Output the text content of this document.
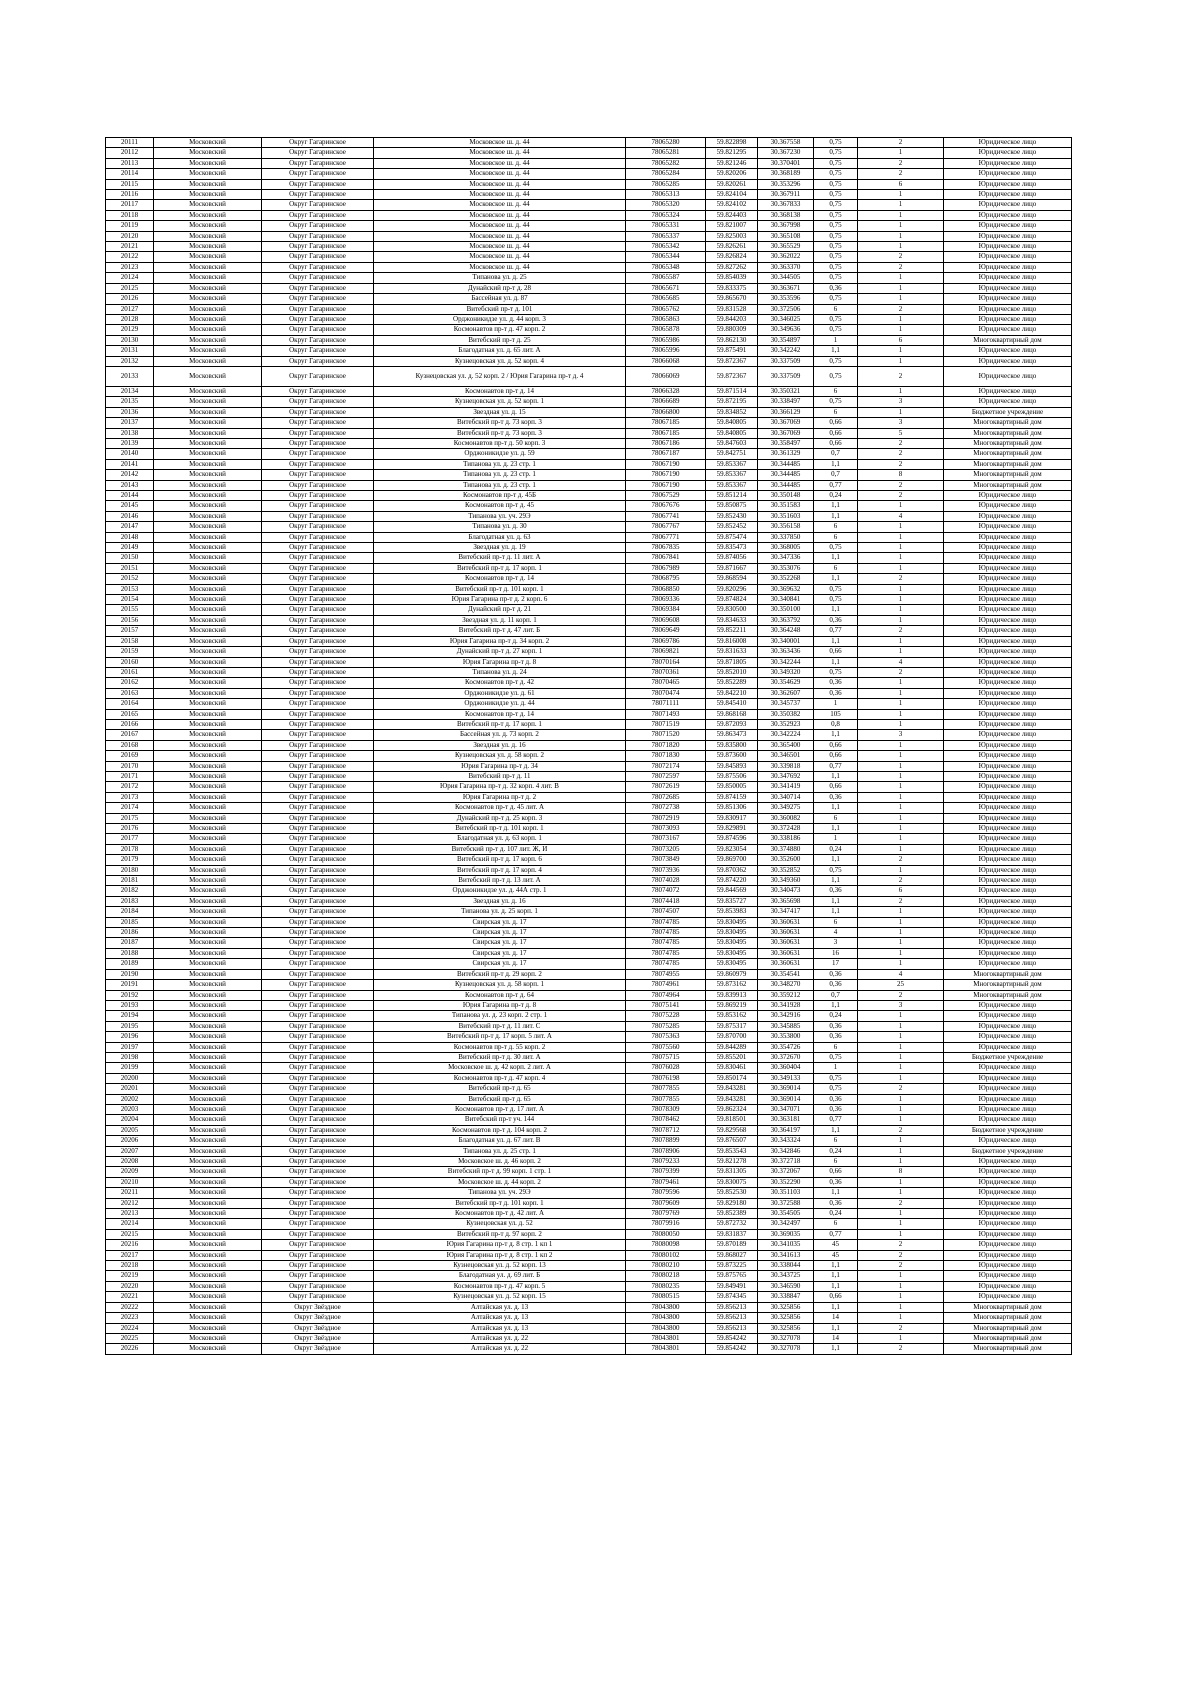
20111	Московский	Округ Гагаринское	Московское ш. д. 44	78065280	59.822898	30.367558	0,75	2	Юридическое лицо
20112	Московский	Округ Гагаринское	Московское ш. д. 44	78065281	59.821295	30.367230	0,75	1	Юридическое лицо
20113	Московский	Округ Гагаринское	Московское ш. д. 44	78065282	59.821246	30.370401	0,75	2	Юридическое лицо
20114	Московский	Округ Гагаринское	Московское ш. д. 44	78065284	59.820206	30.368189	0,75	2	Юридическое лицо
20115	Московский	Округ Гагаринское	Московское ш. д. 44	78065285	59.820261	30.353296	0,75	6	Юридическое лицо
20116	Московский	Округ Гагаринское	Московское ш. д. 44	78065313	59.824104	30.367911	0,75	1	Юридическое лицо
20117	Московский	Округ Гагаринское	Московское ш. д. 44	78065320	59.824102	30.367833	0,75	1	Юридическое лицо
20118	Московский	Округ Гагаринское	Московское ш. д. 44	78065324	59.824403	30.368138	0,75	1	Юридическое лицо
20119	Московский	Округ Гагаринское	Московское ш. д. 44	78065331	59.821007	30.367998	0,75	1	Юридическое лицо
20120	Московский	Округ Гагаринское	Московское ш. д. 44	78065337	59.825003	30.365108	0,75	1	Юридическое лицо
20121	Московский	Округ Гагаринское	Московское ш. д. 44	78065342	59.826261	30.365529	0,75	1	Юридическое лицо
20122	Московский	Округ Гагаринское	Московское ш. д. 44	78065344	59.826824	30.362022	0,75	2	Юридическое лицо
20123	Московский	Округ Гагаринское	Московское ш. д. 44	78065348	59.827262	30.363370	0,75	2	Юридическое лицо
20124	Московский	Округ Гагаринское	Типанова ул. д. 25	78065587	59.854039	30.344505	0,75	1	Юридическое лицо
20125	Московский	Округ Гагаринское	Дунайский пр-т д. 28	78065671	59.833375	30.363671	0,36	1	Юридическое лицо
20126	Московский	Округ Гагаринское	Бассейная ул. д. 87	78065685	59.865670	30.353596	0,75	1	Юридическое лицо
20127	Московский	Округ Гагаринское	Витебский пр-т д. 101	78065762	59.831528	30.372506	6	2	Юридическое лицо
20128	Московский	Округ Гагаринское	Орджоникидзе ул. д. 44 корп. 3	78065863	59.844203	30.346025	0,75	1	Юридическое лицо
20129	Московский	Округ Гагаринское	Космонавтов пр-т д. 47 корп. 2	78065878	59.880309	30.349636	0,75	1	Юридическое лицо
20130	Московский	Округ Гагаринское	Витебский пр-т д. 25	78065986	59.862130	30.354897	1	6	Многоквартирный дом
20131	Московский	Округ Гагаринское	Благодатная ул. д. 65 лит. А	78065996	59.875491	30.342242	1,1	1	Юридическое лицо
20132	Московский	Округ Гагаринское	Кузнецовская ул. д. 52 корп. 4	78066068	59.872367	30.337509	0,75	1	Юридическое лицо
20133	Московский	Округ Гагаринское	Кузнецовская ул. д. 52 корп. 2 / Юрия Гагарина пр-т д. 4	78066069	59.872367	30.337509	0,75	2	Юридическое лицо
20134	Московский	Округ Гагаринское	Космонавтов пр-т д. 14	78066328	59.871514	30.350321	6	1	Юридическое лицо
20135	Московский	Округ Гагаринское	Кузнецовская ул. д. 52 корп. 1	78066689	59.872195	30.338497	0,75	3	Юридическое лицо
20136	Московский	Округ Гагаринское	Звездная ул. д. 15	78066800	59.834852	30.366129	6	1	Бюджетное учреждение
20137	Московский	Округ Гагаринское	Витебский пр-т д. 73 корп. 3	78067185	59.840805	30.367069	0,66	3	Многоквартирный дом
20138	Московский	Округ Гагаринское	Витебский пр-т д. 73 корп. 3	78067185	59.840805	30.367069	0,66	5	Многоквартирный дом
20139	Московский	Округ Гагаринское	Космонавтов пр-т д. 50 корп. 3	78067186	59.847603	30.358497	0,66	2	Многоквартирный дом
20140	Московский	Округ Гагаринское	Орджоникидзе ул. д. 59	78067187	59.842751	30.361329	0,7	2	Многоквартирный дом
20141	Московский	Округ Гагаринское	Типанова ул. д. 23 стр. 1	78067190	59.853367	30.344485	1,1	2	Многоквартирный дом
20142	Московский	Округ Гагаринское	Типанова ул. д. 23 стр. 1	78067190	59.853367	30.344485	0,7	8	Многоквартирный дом
20143	Московский	Округ Гагаринское	Типанова ул. д. 23 стр. 1	78067190	59.853367	30.344485	0,77	2	Многоквартирный дом
20144	Московский	Округ Гагаринское	Космонавтов пр-т д. 45Б	78067529	59.851214	30.350148	0,24	2	Юридическое лицо
20145	Московский	Округ Гагаринское	Космонавтов пр-т д. 45	78067676	59.850875	30.351583	1,1	1	Юридическое лицо
20146	Московский	Округ Гагаринское	Типанова ул. уч. 29Э	78067741	59.852430	30.351603	1,1	4	Юридическое лицо
20147	Московский	Округ Гагаринское	Типанова ул. д. 30	78067767	59.852452	30.356158	6	1	Юридическое лицо
20148	Московский	Округ Гагаринское	Благодатная ул. д. 63	78067771	59.875474	30.337850	6	1	Юридическое лицо
20149	Московский	Округ Гагаринское	Звездная ул. д. 19	78067835	59.835473	30.368005	0,75	1	Юридическое лицо
20150	Московский	Округ Гагаринское	Витебский пр-т д. 11 лит. А	78067841	59.874056	30.347336	1,1	1	Юридическое лицо
20151	Московский	Округ Гагаринское	Витебский пр-т д. 17 корп. 1	78067989	59.871667	30.353076	6	1	Юридическое лицо
20152	Московский	Округ Гагаринское	Космонавтов пр-т д. 14	78068795	59.868594	30.352268	1,1	2	Юридическое лицо
20153	Московский	Округ Гагаринское	Витебский пр-т д. 101 корп. 1	78068850	59.820296	30.369632	0,75	1	Юридическое лицо
20154	Московский	Округ Гагаринское	Юрия Гагарина пр-т д. 2 корп. 6	78069336	59.874824	30.340841	0,75	1	Юридическое лицо
20155	Московский	Округ Гагаринское	Дунайский пр-т д. 21	78069384	59.830500	30.350100	1,1	1	Юридическое лицо
20156	Московский	Округ Гагаринское	Звездная ул. д. 11 корп. 1	78069608	59.834633	30.363792	0,36	1	Юридическое лицо
20157	Московский	Округ Гагаринское	Витебский пр-т д. 47 лит. Б	78069649	59.852211	30.364248	0,77	2	Юридическое лицо
20158	Московский	Округ Гагаринское	Юрия Гагарина пр-т д. 34 корп. 2	78069786	59.816008	30.340001	1,1	1	Юридическое лицо
20159	Московский	Округ Гагаринское	Дунайский пр-т д. 27 корп. 1	78069821	59.831633	30.363436	0,66	1	Юридическое лицо
20160	Московский	Округ Гагаринское	Юрия Гагарина пр-т д. 8	78070164	59.871805	30.342244	1,1	4	Юридическое лицо
20161	Московский	Округ Гагаринское	Типанова ул. д. 24	78070361	59.852010	30.349320	0,75	2	Юридическое лицо
20162	Московский	Округ Гагаринское	Космонавтов пр-т д. 42	78070465	59.852289	30.354629	0,36	1	Юридическое лицо
20163	Московский	Округ Гагаринское	Орджоникидзе ул. д. 61	78070474	59.842210	30.362607	0,36	1	Юридическое лицо
20164	Московский	Округ Гагаринское	Орджоникидзе ул. д. 44	78071111	59.845410	30.345737	1	1	Юридическое лицо
20165	Московский	Округ Гагаринское	Космонавтов пр-т д. 14	78071493	59.868168	30.350382	105	1	Юридическое лицо
20166	Московский	Округ Гагаринское	Витебский пр-т д. 17 корп. 1	78071519	59.872093	30.352923	0,8	1	Юридическое лицо
20167	Московский	Округ Гагаринское	Бассейная ул. д. 73 корп. 2	78071520	59.863473	30.342224	1,1	3	Юридическое лицо
20168	Московский	Округ Гагаринское	Звездная ул. д. 16	78071820	59.835800	30.365400	0,66	1	Юридическое лицо
20169	Московский	Округ Гагаринское	Кузнецовская ул. д. 58 корп. 2	78071830	59.873600	30.346501	0,66	1	Юридическое лицо
20170	Московский	Округ Гагаринское	Юрия Гагарина пр-т д. 34	78072174	59.845893	30.339818	0,77	1	Юридическое лицо
20171	Московский	Округ Гагаринское	Витебский пр-т д. 11	78072597	59.875506	30.347692	1,1	1	Юридическое лицо
20172	Московский	Округ Гагаринское	Юрия Гагарина пр-т д. 32 корп. 4 лит. В	78072619	59.850005	30.341419	0,66	1	Юридическое лицо
20173	Московский	Округ Гагаринское	Юрия Гагарина пр-т д. 2	78072685	59.874159	30.340714	0,36	1	Юридическое лицо
20174	Московский	Округ Гагаринское	Космонавтов пр-т д. 45 лит. А	78072738	59.851306	30.349275	1,1	1	Юридическое лицо
20175	Московский	Округ Гагаринское	Дунайский пр-т д. 25 корп. 3	78072919	59.830917	30.360082	6	1	Юридическое лицо
20176	Московский	Округ Гагаринское	Витебский пр-т д. 101 корп. 1	78073093	59.829891	30.372428	1,1	1	Юридическое лицо
20177	Московский	Округ Гагаринское	Благодатная ул. д. 63 корп. 1	78073167	59.874596	30.338186	1	1	Юридическое лицо
20178	Московский	Округ Гагаринское	Витебский пр-т д. 107 лит. Ж, И	78073205	59.823054	30.374880	0,24	1	Юридическое лицо
20179	Московский	Округ Гагаринское	Витебский пр-т д. 17 корп. 6	78073849	59.869700	30.352600	1,1	2	Юридическое лицо
20180	Московский	Округ Гагаринское	Витебский пр-т д. 17 корп. 4	78073936	59.870362	30.352852	0,75	1	Юридическое лицо
20181	Московский	Округ Гагаринское	Витебский пр-т д. 13 лит. А	78074028	59.874220	30.349360	1,1	2	Юридическое лицо
20182	Московский	Округ Гагаринское	Орджоникидзе ул. д. 44А стр. 1	78074072	59.844569	30.340473	0,36	6	Юридическое лицо
20183	Московский	Округ Гагаринское	Звездная ул. д. 16	78074418	59.835727	30.365698	1,1	2	Юридическое лицо
20184	Московский	Округ Гагаринское	Типанова ул. д. 25 корп. 1	78074507	59.853983	30.347417	1,1	1	Юридическое лицо
20185	Московский	Округ Гагаринское	Свирская ул. д. 17	78074785	59.830495	30.360631	6	1	Юридическое лицо
20186	Московский	Округ Гагаринское	Свирская ул. д. 17	78074785	59.830495	30.360631	4	1	Юридическое лицо
20187	Московский	Округ Гагаринское	Свирская ул. д. 17	78074785	59.830495	30.360631	3	1	Юридическое лицо
20188	Московский	Округ Гагаринское	Свирская ул. д. 17	78074785	59.830495	30.360631	16	1	Юридическое лицо
20189	Московский	Округ Гагаринское	Свирская ул. д. 17	78074785	59.830495	30.360631	17	1	Юридическое лицо
20190	Московский	Округ Гагаринское	Витебский пр-т д. 29 корп. 2	78074955	59.860979	30.354541	0,36	4	Многоквартирный дом
20191	Московский	Округ Гагаринское	Кузнецовская ул. д. 58 корп. 1	78074961	59.873162	30.348270	0,36	25	Многоквартирный дом
20192	Московский	Округ Гагаринское	Космонавтов пр-т д. 64	78074964	59.839913	30.359212	0,7	2	Многоквартирный дом
20193	Московский	Округ Гагаринское	Юрия Гагарина пр-т д. 8	78075141	59.869219	30.341928	1,1	3	Юридическое лицо
20194	Московский	Округ Гагаринское	Типанова ул. д. 23 корп. 2 стр. 1	78075228	59.853162	30.342916	0,24	1	Юридическое лицо
20195	Московский	Округ Гагаринское	Витебский пр-т д. 11 лит. С	78075285	59.875317	30.345885	0,36	1	Юридическое лицо
20196	Московский	Округ Гагаринское	Витебский пр-т д. 17 корп. 5 лит. А	78075363	59.870700	30.353800	0,36	1	Юридическое лицо
20197	Московский	Округ Гагаринское	Космонавтов пр-т д. 55 корп. 2	78075560	59.844289	30.354726	6	1	Юридическое лицо
20198	Московский	Округ Гагаринское	Витебский пр-т д. 30 лит. А	78075715	59.855201	30.372670	0,75	1	Бюджетное учреждение
20199	Московский	Округ Гагаринское	Московское ш. д. 42 корп. 2 лит. А	78076028	59.830461	30.360404	1	1	Юридическое лицо
20200	Московский	Округ Гагаринское	Космонавтов пр-т д. 47 корп. 4	78076198	59.850174	30.349133	0,75	1	Юридическое лицо
20201	Московский	Округ Гагаринское	Витебский пр-т д. 65	78077855	59.843281	30.369014	0,75	2	Юридическое лицо
20202	Московский	Округ Гагаринское	Витебский пр-т д. 65	78077855	59.843281	30.369014	0,36	1	Юридическое лицо
20203	Московский	Округ Гагаринское	Космонавтов пр-т д. 17 лит. А	78078309	59.862324	30.347071	0,36	1	Юридическое лицо
20204	Московский	Округ Гагаринское	Витебский пр-т уч. 144	78078462	59.818501	30.363181	0,77	1	Юридическое лицо
20205	Московский	Округ Гагаринское	Космонавтов пр-т д. 104 корп. 2	78078712	59.829568	30.364197	1,1	2	Бюджетное учреждение
20206	Московский	Округ Гагаринское	Благодатная ул. д. 67 лит. В	78078899	59.876507	30.343324	6	1	Юридическое лицо
20207	Московский	Округ Гагаринское	Типанова ул. д. 25 стр. 1	78078906	59.853543	30.342846	0,24	1	Бюджетное учреждение
20208	Московский	Округ Гагаринское	Московское ш. д. 46 корп. 2	78079233	59.821278	30.372718	6	1	Юридическое лицо
20209	Московский	Округ Гагаринское	Витебский пр-т д. 99 корп. 1 стр. 1	78079399	59.831305	30.372067	0,66	8	Юридическое лицо
20210	Московский	Округ Гагаринское	Московское ш. д. 44 корп. 2	78079461	59.830075	30.352290	0,36	1	Юридическое лицо
20211	Московский	Округ Гагаринское	Типанова ул. уч. 29Э	78079596	59.852530	30.351103	1,1	1	Юридическое лицо
20212	Московский	Округ Гагаринское	Витебский пр-т д. 101 корп. 1	78079609	59.829180	30.372588	0,36	2	Юридическое лицо
20213	Московский	Округ Гагаринское	Космонавтов пр-т д. 42 лит. А	78079769	59.852389	30.354505	0,24	1	Юридическое лицо
20214	Московский	Округ Гагаринское	Кузнецовская ул. д. 52	78079916	59.872732	30.342497	6	1	Юридическое лицо
20215	Московский	Округ Гагаринское	Витебский пр-т д. 97 корп. 2	78080050	59.831837	30.369035	0,77	1	Юридическое лицо
20216	Московский	Округ Гагаринское	Юрия Гагарина пр-т д. 8 стр. 1 кп 1	78080098	59.870189	30.341035	45	2	Юридическое лицо
20217	Московский	Округ Гагаринское	Юрия Гагарина пр-т д. 8 стр. 1 кп 2	78080102	59.868027	30.341613	45	2	Юридическое лицо
20218	Московский	Округ Гагаринское	Кузнецовская ул. д. 52 корп. 13	78080210	59.873225	30.338044	1,1	2	Юридическое лицо
20219	Московский	Округ Гагаринское	Благодатная ул. д. 69 лит. Б	78080218	59.875765	30.343725	1,1	1	Юридическое лицо
20220	Московский	Округ Гагаринское	Космонавтов пр-т д. 47 корп. 5	78080235	59.849491	30.346590	1,1	1	Юридическое лицо
20221	Московский	Округ Гагаринское	Кузнецовская ул. д. 52 корп. 15	78080515	59.874345	30.338847	0,66	1	Юридическое лицо
20222	Московский	Округ Звёздное	Алтайская ул. д. 13	78043800	59.856213	30.325856	1,1	1	Многоквартирный дом
20223	Московский	Округ Звёздное	Алтайская ул. д. 13	78043800	59.856213	30.325856	14	1	Многоквартирный дом
20224	Московский	Округ Звёздное	Алтайская ул. д. 13	78043800	59.856213	30.325856	1,1	2	Многоквартирный дом
20225	Московский	Округ Звёздное	Алтайская ул. д. 22	78043801	59.854242	30.327078	14	1	Многоквартирный дом
20226	Московский	Округ Звёздное	Алтайская ул. д. 22	78043801	59.854242	30.327078	1,1	2	Многоквартирный дом
